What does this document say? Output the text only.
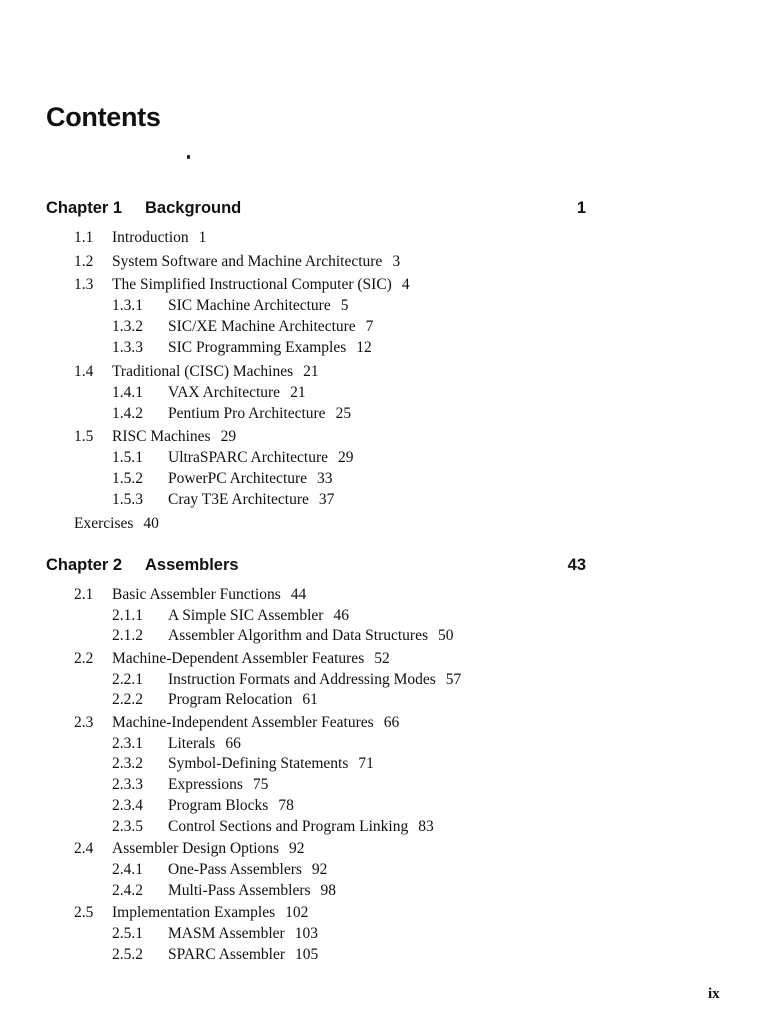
Contents
Chapter 1 Background	1
1.1 Introduction 1
1.2 System Software and Machine Architecture 3
1.3 The Simplified Instructional Computer (SIC) 4
1.3.1 SIC Machine Architecture 5
1.3.2 SIC/XE Machine Architecture 7
1.3.3 SIC Programming Examples 12
1.4 Traditional (CISC) Machines 21
1.4.1 VAX Architecture 21
1.4.2 Pentium Pro Architecture 25
1.5 RISC Machines 29
1.5.1 UltraSPARC Architecture 29
1.5.2 PowerPC Architecture 33
1.5.3 Cray T3E Architecture 37
Exercises 40
Chapter 2 Assemblers	43
2.1 Basic Assembler Functions 44
2.1.1 A Simple SIC Assembler 46
2.1.2 Assembler Algorithm and Data Structures 50
2.2 Machine-Dependent Assembler Features 52
2.2.1 Instruction Formats and Addressing Modes 57
2.2.2 Program Relocation 61
2.3 Machine-Independent Assembler Features 66
2.3.1 Literals 66
2.3.2 Symbol-Defining Statements 71
2.3.3 Expressions 75
2.3.4 Program Blocks 78
2.3.5 Control Sections and Program Linking 83
2.4 Assembler Design Options 92
2.4.1 One-Pass Assemblers 92
2.4.2 Multi-Pass Assemblers 98
2.5 Implementation Examples 102
2.5.1 MASM Assembler 103
2.5.2 SPARC Assembler 105
ix
